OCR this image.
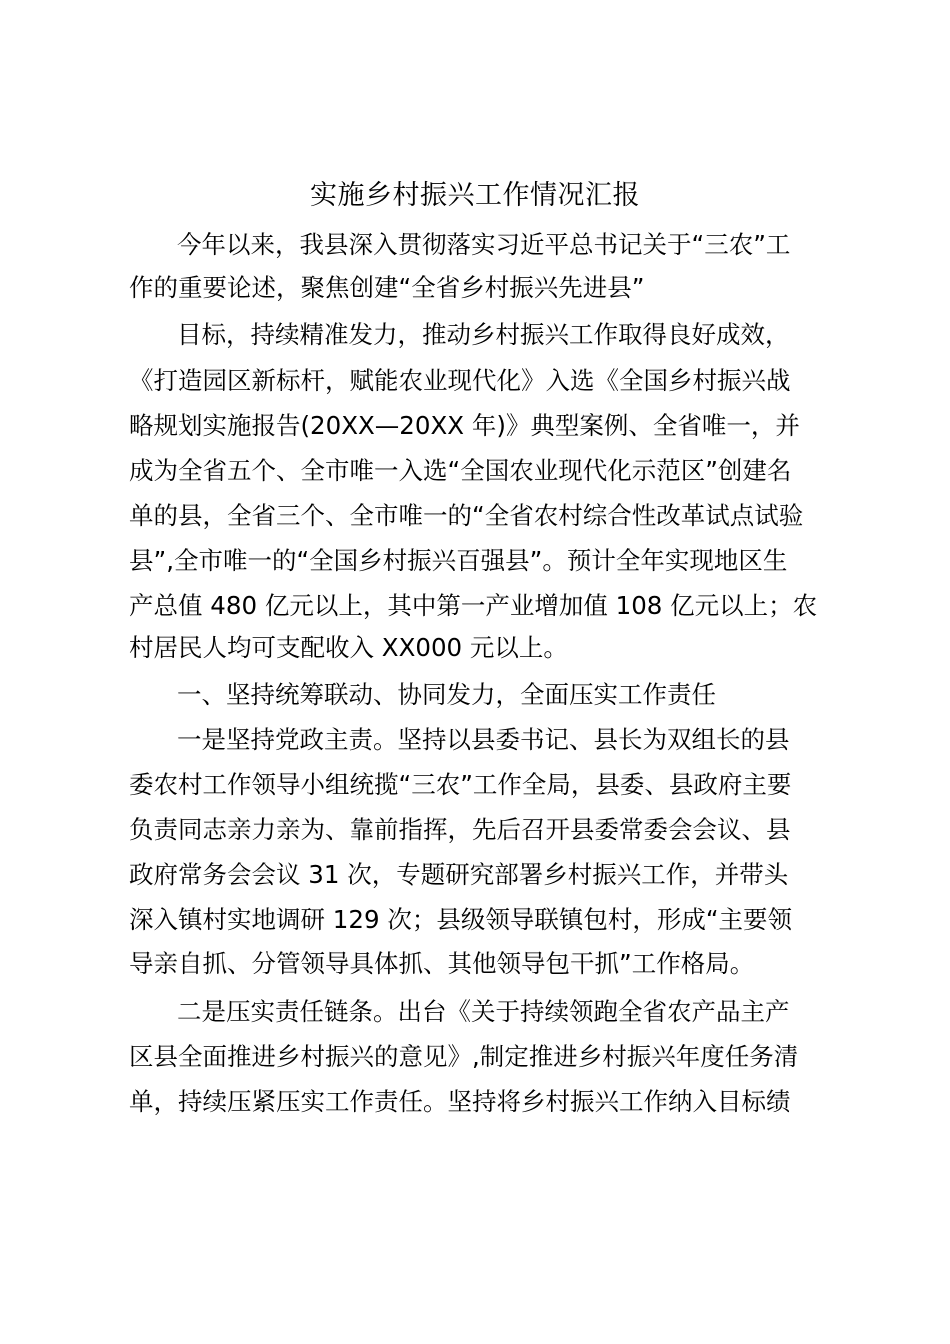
实施乡村振兴工作情况汇报
今年以来，我县深入贯彻落实习近平总书记关于“三农”工
作的重要论述，聚焦创建“全省乡村振兴先进县”
目标，持续精准发力，推动乡村振兴工作取得良好成效，
《打造园区新标杆，赋能农业现代化》入选《全国乡村振兴战
略规划实施报告(20XX—20XX 年)》典型案例、全省唯一，并
成为全省五个、全市唯一入选“全国农业现代化示范区”创建名
单的县，全省三个、全市唯一的“全省农村综合性改革试点试验
县”,全市唯一的“全国乡村振兴百强县”。预计全年实现地区生
产总值 480 亿元以上，其中第一产业增加值 108 亿元以上；农
村居民人均可支配收入 XX000 元以上。
一、坚持统筹联动、协同发力，全面压实工作责任
一是坚持党政主责。坚持以县委书记、县长为双组长的县
委农村工作领导小组统揽“三农”工作全局，县委、县政府主要
负责同志亲力亲为、靠前指挥，先后召开县委常委会会议、县
政府常务会会议 31 次，专题研究部署乡村振兴工作，并带头
深入镇村实地调研 129 次；县级领导联镇包村，形成“主要领
导亲自抓、分管领导具体抓、其他领导包干抓”工作格局。
二是压实责任链条。出台《关于持续领跑全省农产品主产
区县全面推进乡村振兴的意见》,制定推进乡村振兴年度任务清
单，持续压紧压实工作责任。坚持将乡村振兴工作纳入目标绩
